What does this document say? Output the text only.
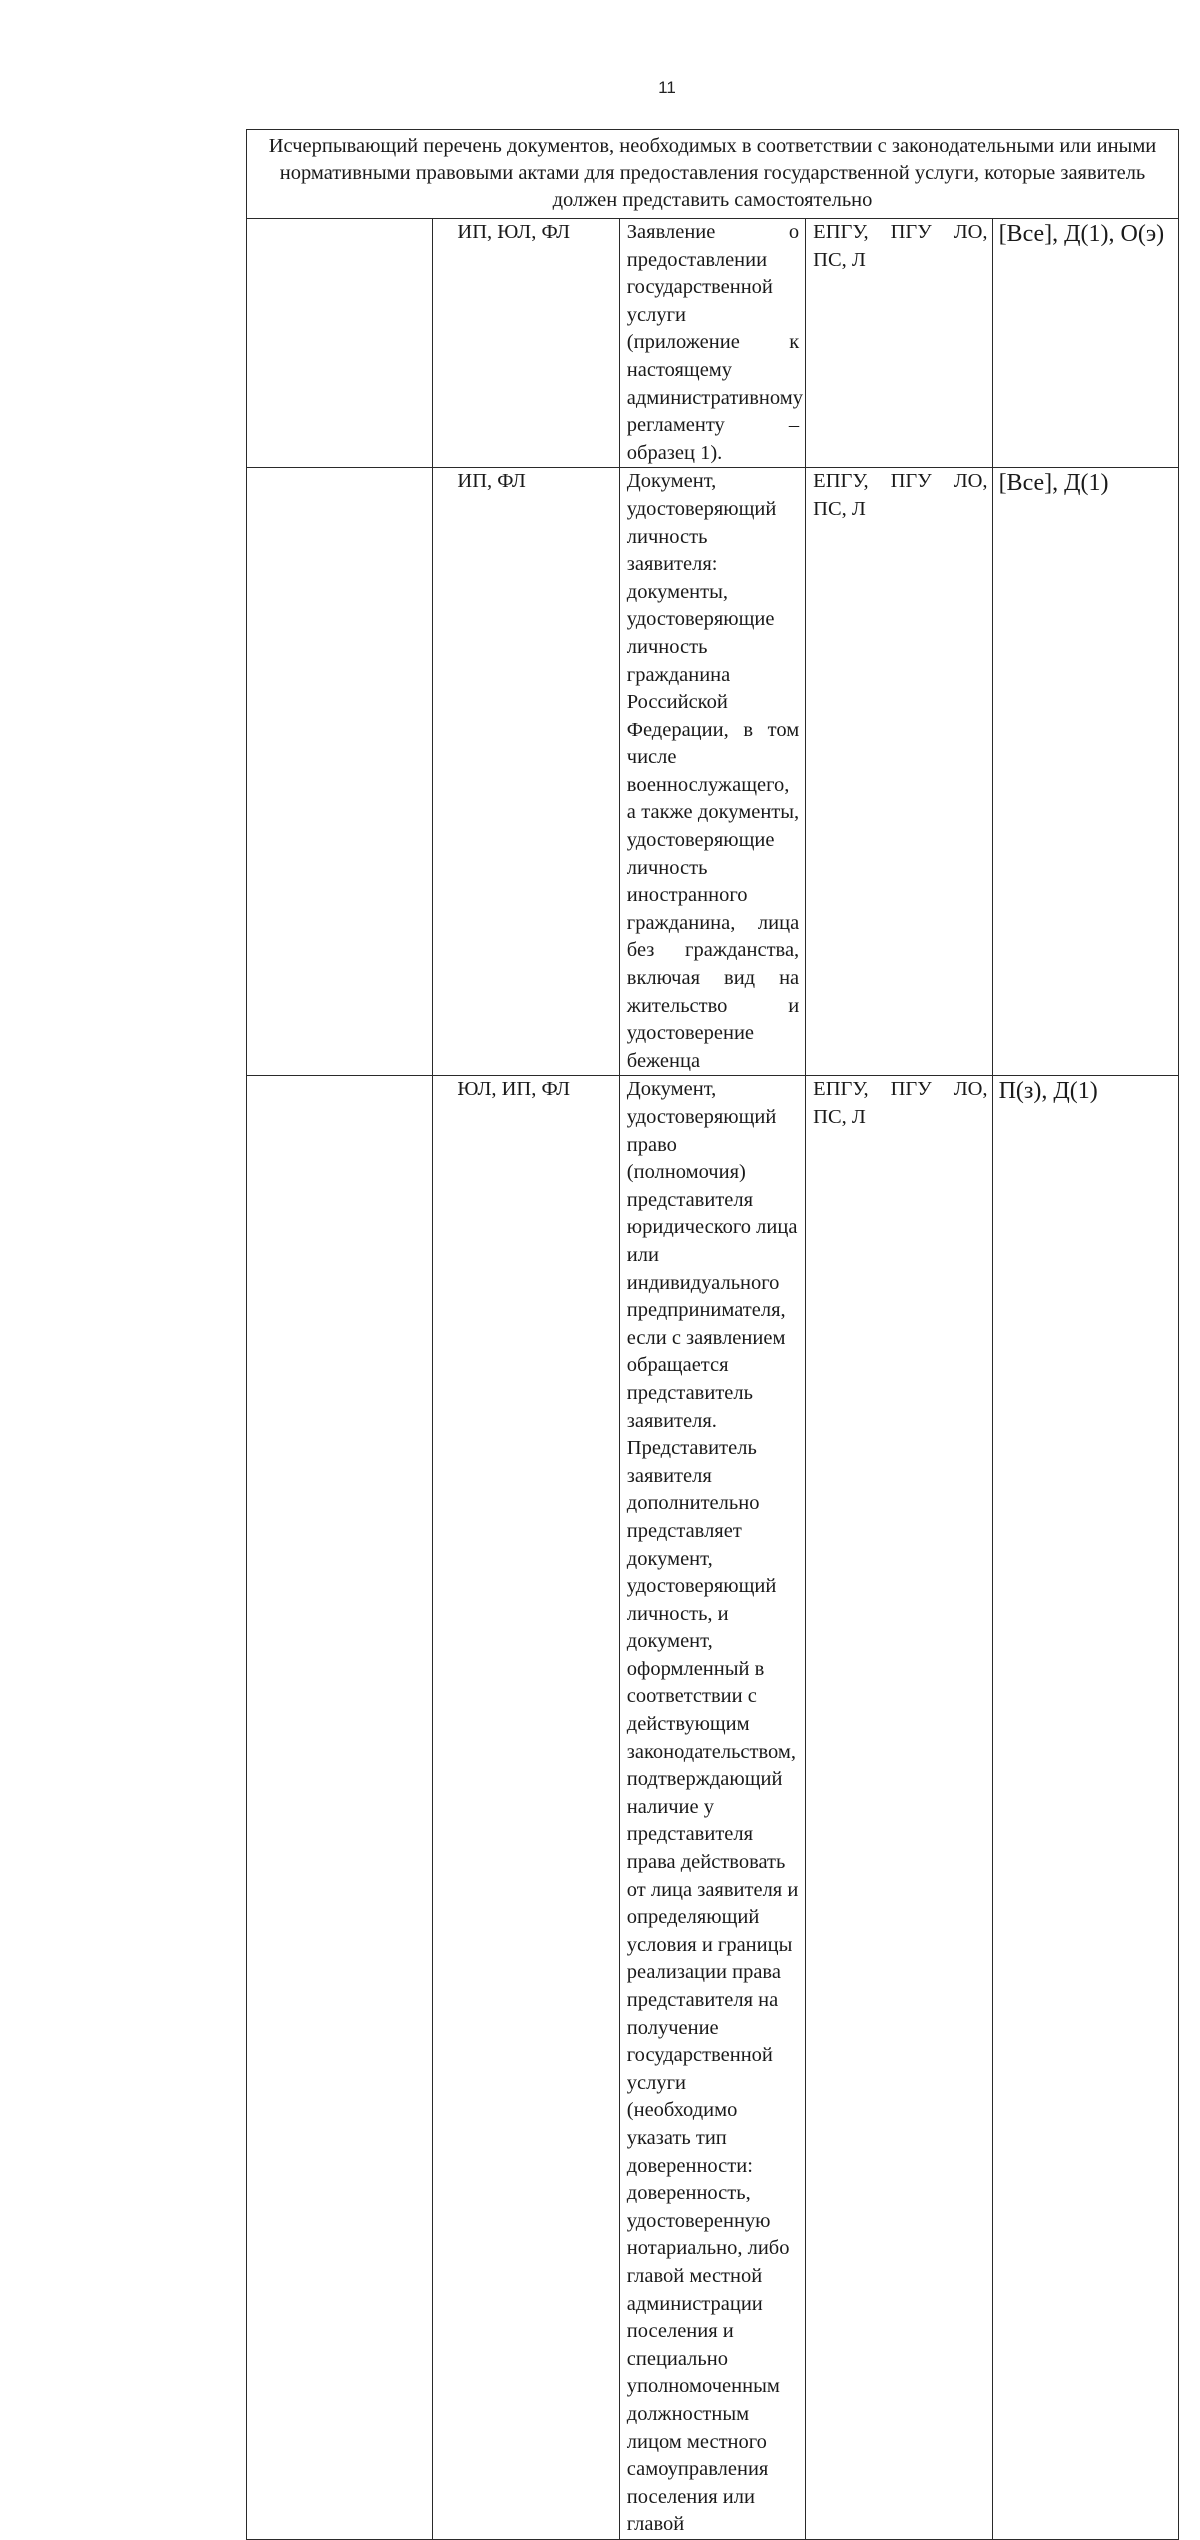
11
Исчерпывающий перечень документов, необходимых в соответствии с законодательными или иными нормативными правовыми актами для предоставления государственной услуги, которые заявитель должен представить самостоятельно				
	ИП, ЮЛ, ФЛ	Заявление о предоставлении государственной услуги (приложение к настоящему административному регламенту – образец 1).	ЕПГУ, ПГУ ЛО, ПС, Л	[Все], Д(1), О(э)
	ИП, ФЛ	Документ, удостоверяющий личность заявителя: документы, удостоверяющие личность гражданина Российской Федерации, в том числе военнослужащего, а также документы, удостоверяющие личность иностранного гражданина, лица без гражданства, включая вид на жительство и удостоверение беженца	ЕПГУ, ПГУ ЛО, ПС, Л	[Все], Д(1)
	ЮЛ, ИП, ФЛ	Документ, удостоверяющий право (полномочия) представителя юридического лица или индивидуального предпринимателя, если с заявлением обращается представитель заявителя.
Представитель заявителя дополнительно представляет документ, удостоверяющий личность, и документ, оформленный в соответствии с действующим законодательством, подтверждающий наличие у представителя права действовать от лица заявителя и определяющий условия и границы реализации права представителя на получение государственной услуги (необходимо указать тип доверенности: доверенность, удостоверенную нотариально, либо главой местной администрации поселения и специально уполномоченным должностным лицом местного самоуправления поселения или главой	ЕПГУ, ПГУ ЛО, ПС, Л	П(з), Д(1)
